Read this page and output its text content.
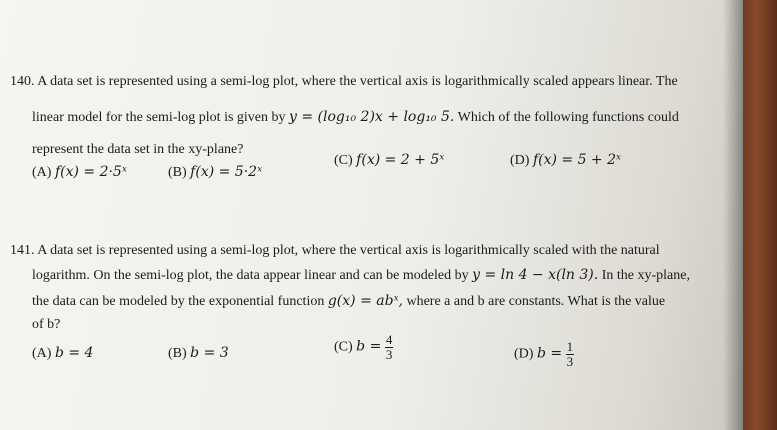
140. A data set is represented using a semi-log plot, where the vertical axis is logarithmically scaled appears linear. The
linear model for the semi-log plot is given by y = (log₁₀ 2)x + log₁₀ 5. Which of the following functions could
represent the data set in the xy-plane?
(A) f(x) = 2·5ˣ	(B) f(x) = 5·2ˣ
(C) f(x) = 2 + 5ˣ	(D) f(x) = 5 + 2ˣ
141. A data set is represented using a semi-log plot, where the vertical axis is logarithmically scaled with the natural
logarithm. On the semi-log plot, the data appear linear and can be modeled by y = ln 4 − x(ln 3). In the xy-plane,
the data can be modeled by the exponential function g(x) = abˣ, where a and b are constants. What is the value
of b?
(A) b = 4	(B) b = 3	(C) $b = \frac{4}{3}$	(D) $b = \frac{1}{3}$
